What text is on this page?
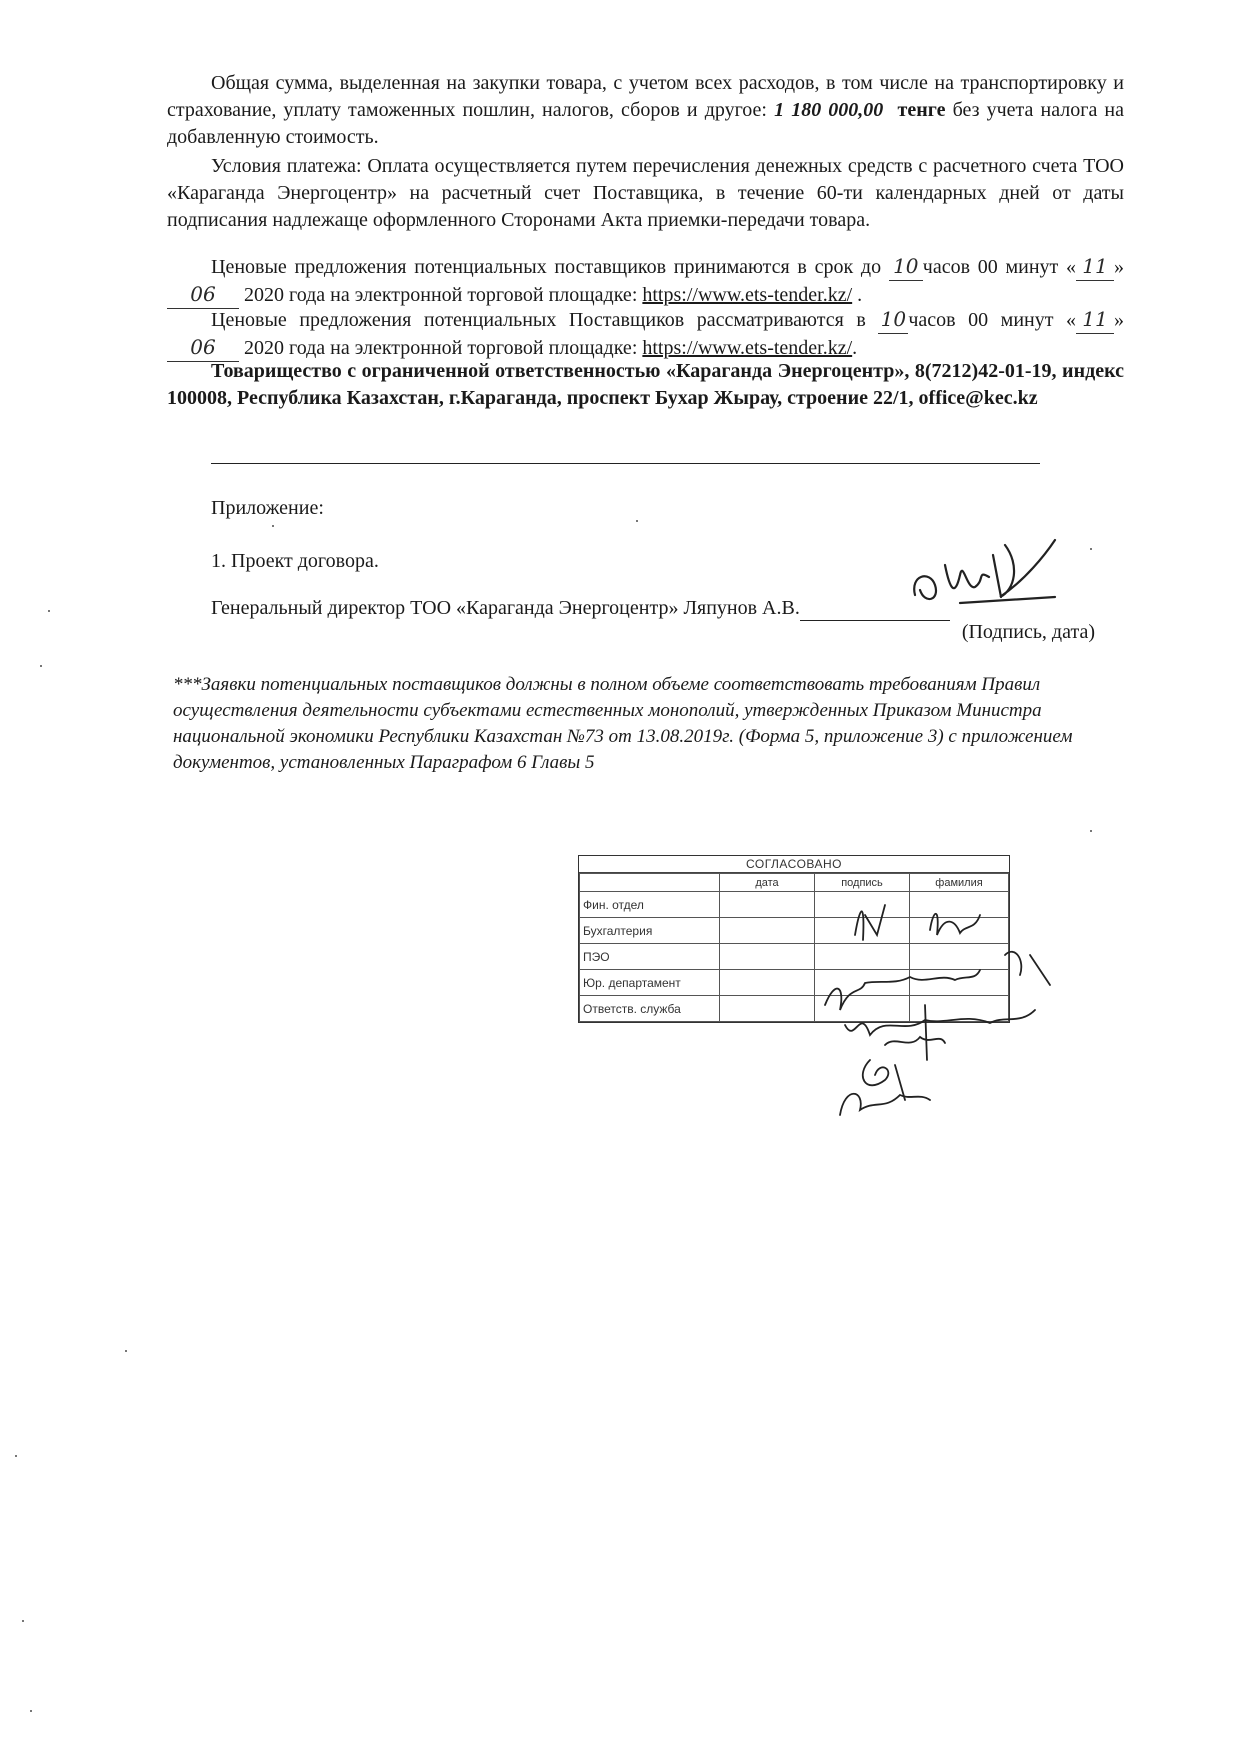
Общая сумма, выделенная на закупки товара, с учетом всех расходов, в том числе на транспортировку и страхование, уплату таможенных пошлин, налогов, сборов и другое: 1 180 000,00 тенге без учета налога на добавленную стоимость.

Условия платежа: Оплата осуществляется путем перечисления денежных средств с расчетного счета ТОО «Караганда Энергоцентр» на расчетный счет Поставщика, в течение 60-ти календарных дней от даты подписания надлежаще оформленного Сторонами Акта приемки-передачи товара.

Ценовые предложения потенциальных поставщиков принимаются в срок до 10 часов 00 минут « 11 » 06 2020 года на электронной торговой площадке: https://www.ets-tender.kz/ .

Ценовые предложения потенциальных Поставщиков рассматриваются в 10 часов 00 минут « 11 » 06 2020 года на электронной торговой площадке: https://www.ets-tender.kz/.

Товарищество с ограниченной ответственностью «Караганда Энергоцентр», 8(7212)42-01-19, индекс 100008, Республика Казахстан, г.Караганда, проспект Бухар Жырау, строение 22/1, office@kec.kz

Приложение:

1. Проект договора.

Генеральный директор ТОО «Караганда Энергоцентр» Ляпунов А.В.

(Подпись, дата)

***Заявки потенциальных поставщиков должны в полном объеме соответствовать требованиям Правил осуществления деятельности субъектами естественных монополий, утвержденных Приказом Министра национальной экономики Республики Казахстан №73 от 13.08.2019г. (Форма 5, приложение 3) с приложением документов, установленных Параграфом 6 Главы 5

СОГЛАСОВАНО
	дата	подпись	фамилия
Фин. отдел			
Бухгалтерия			
ПЭО			
Юр. департамент			
Ответств. служба			
